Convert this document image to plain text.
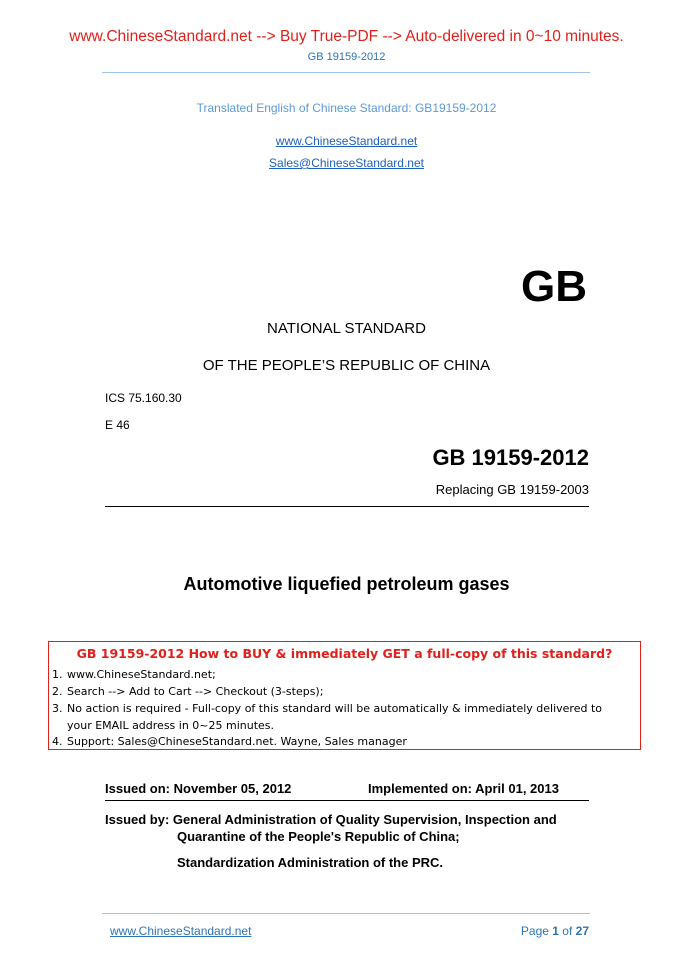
www.ChineseStandard.net --> Buy True-PDF --> Auto-delivered in 0~10 minutes.
GB 19159-2012
Translated English of Chinese Standard: GB19159-2012
www.ChineseStandard.net
Sales@ChineseStandard.net
GB
NATIONAL STANDARD
OF THE PEOPLE’S REPUBLIC OF CHINA
ICS 75.160.30
E 46
GB 19159-2012
Replacing GB 19159-2003
Automotive liquefied petroleum gases
GB 19159-2012 How to BUY & immediately GET a full-copy of this standard?
1. www.ChineseStandard.net;
2. Search --> Add to Cart --> Checkout (3-steps);
3. No action is required - Full-copy of this standard will be automatically & immediately delivered to
your EMAIL address in 0~25 minutes.
4. Support: Sales@ChineseStandard.net. Wayne, Sales manager
Issued on: November 05, 2012	Implemented on: April 01, 2013
Issued by: General Administration of Quality Supervision, Inspection and
Quarantine of the People's Republic of China;
Standardization Administration of the PRC.
www.ChineseStandard.net	Page 1 of 27
